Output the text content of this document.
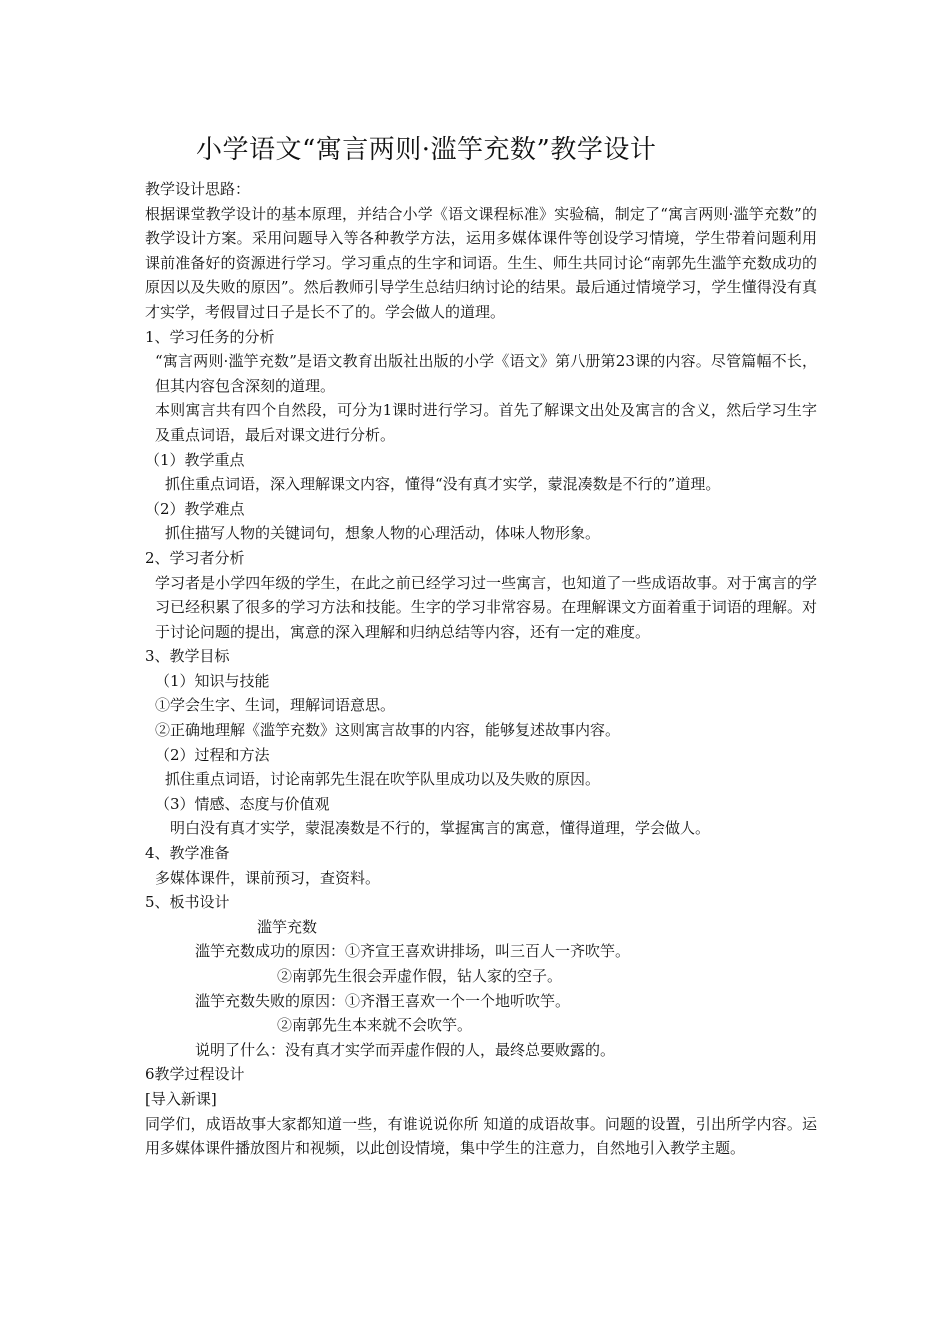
小学语文“寓言两则·滥竽充数”教学设计

教学设计思路：

根据课堂教学设计的基本原理，并结合小学《语文课程标准》实验稿，制定了“寓言两则·滥竽充数”的教学设计方案。采用问题导入等各种教学方法，运用多媒体课件等创设学习情境，学生带着问题利用课前准备好的资源进行学习。学习重点的生字和词语。生生、师生共同讨论“南郭先生滥竽充数成功的原因以及失败的原因”。然后教师引导学生总结归纳讨论的结果。最后通过情境学习，学生懂得没有真才实学，考假冒过日子是长不了的。学会做人的道理。

1、学习任务的分析

“寓言两则·滥竽充数”是语文教育出版社出版的小学《语文》第八册第23课的内容。尽管篇幅不长，但其内容包含深刻的道理。

本则寓言共有四个自然段，可分为1课时进行学习。首先了解课文出处及寓言的含义，然后学习生字及重点词语，最后对课文进行分析。

（1）教学重点

抓住重点词语，深入理解课文内容，懂得“没有真才实学，蒙混凑数是不行的”道理。

（2）教学难点

抓住描写人物的关键词句，想象人物的心理活动，体味人物形象。

2、学习者分析

学习者是小学四年级的学生，在此之前已经学习过一些寓言，也知道了一些成语故事。对于寓言的学习已经积累了很多的学习方法和技能。生字的学习非常容易。在理解课文方面着重于词语的理解。对于讨论问题的提出，寓意的深入理解和归纳总结等内容，还有一定的难度。

3、教学目标

（1）知识与技能

①学会生字、生词，理解词语意思。

②正确地理解《滥竽充数》这则寓言故事的内容，能够复述故事内容。

（2）过程和方法

抓住重点词语，讨论南郭先生混在吹竽队里成功以及失败的原因。

（3）情感、态度与价值观

明白没有真才实学，蒙混凑数是不行的，掌握寓言的寓意，懂得道理，学会做人。

4、教学准备

多媒体课件，课前预习，查资料。

5、板书设计

滥竽充数

滥竽充数成功的原因：①齐宣王喜欢讲排场，叫三百人一齐吹竽。

②南郭先生很会弄虚作假，钻人家的空子。

滥竽充数失败的原因：①齐湣王喜欢一个一个地听吹竽。

②南郭先生本来就不会吹竽。

说明了什么：没有真才实学而弄虚作假的人，最终总要败露的。

6教学过程设计

[导入新课]

同学们，成语故事大家都知道一些，有谁说说你所 知道的成语故事。问题的设置，引出所学内容。运用多媒体课件播放图片和视频，以此创设情境，集中学生的注意力，自然地引入教学主题。
